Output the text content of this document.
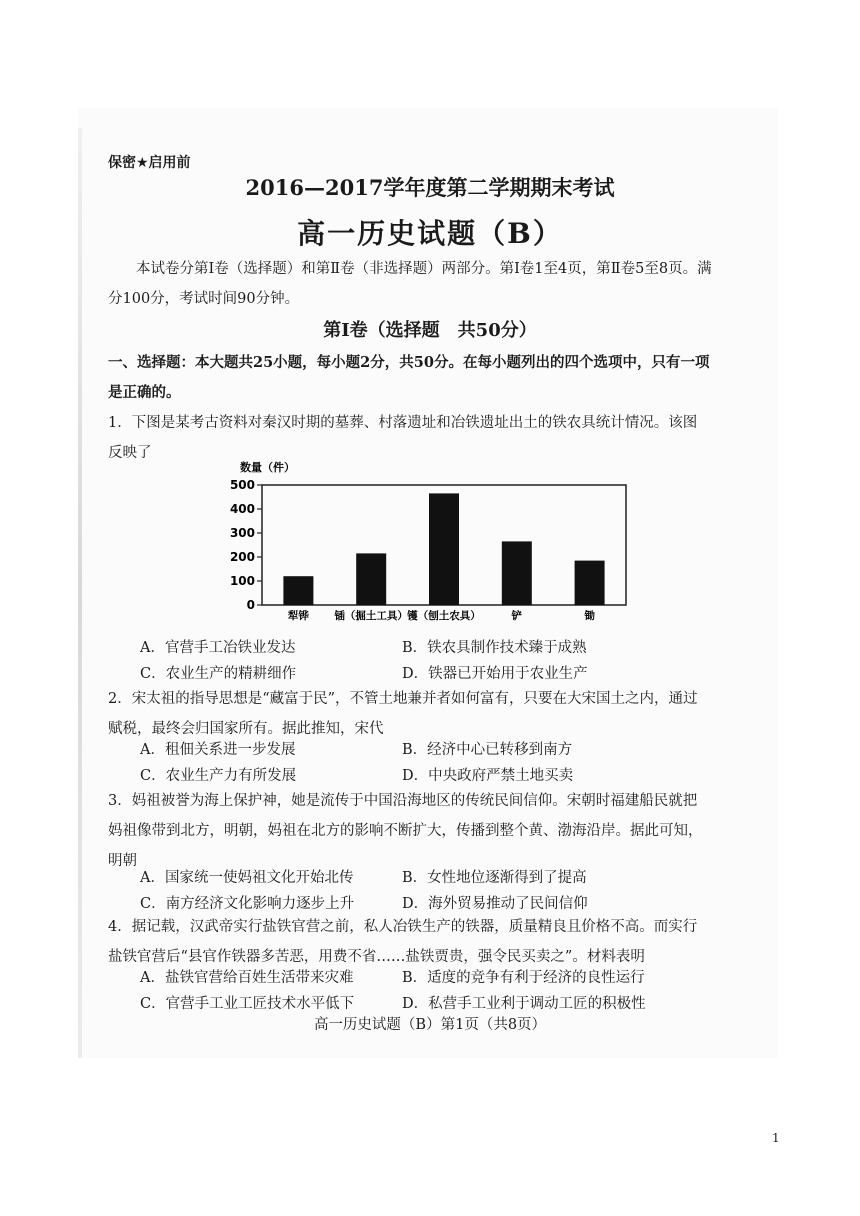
保密★启用前
2016—2017学年度第二学期期末考试
高一历史试题（B）
本试卷分第Ⅰ卷（选择题）和第Ⅱ卷（非选择题）两部分。第Ⅰ卷1至4页，第Ⅱ卷5至8页。满分100分，考试时间90分钟。
第Ⅰ卷（选择题　共50分）
一、选择题：本大题共25小题，每小题2分，共50分。在每小题列出的四个选项中，只有一项是正确的。
1．下图是某考古资料对秦汉时期的墓葬、村落遗址和冶铁遗址出土的铁农具统计情况。该图反映了
数量（件）
0
100
200
300
400
500
犁铧 锸（掘土工具） 镬（刨土农具）	铲	锄
A．官营手工冶铁业发达	B．铁农具制作技术臻于成熟
C．农业生产的精耕细作	D．铁器已开始用于农业生产
2．宋太祖的指导思想是“藏富于民”，不管土地兼并者如何富有，只要在大宋国土之内，通过赋税，最终会归国家所有。据此推知，宋代
A．租佃关系进一步发展	B．经济中心已转移到南方
C．农业生产力有所发展	D．中央政府严禁土地买卖
3．妈祖被誉为海上保护神，她是流传于中国沿海地区的传统民间信仰。宋朝时福建船民就把妈祖像带到北方，明朝，妈祖在北方的影响不断扩大，传播到整个黄、渤海沿岸。据此可知，明朝
A．国家统一使妈祖文化开始北传	B．女性地位逐渐得到了提高
C．南方经济文化影响力逐步上升	D．海外贸易推动了民间信仰
4．据记载，汉武帝实行盐铁官营之前，私人冶铁生产的铁器，质量精良且价格不高。而实行盐铁官营后“县官作铁器多苦恶，用费不省……盐铁贾贵，强令民买卖之”。材料表明
A．盐铁官营给百姓生活带来灾难	B．适度的竞争有利于经济的良性运行
C．官营手工业工匠技术水平低下	D．私营手工业利于调动工匠的积极性
高一历史试题（B）第1页（共8页）
1
